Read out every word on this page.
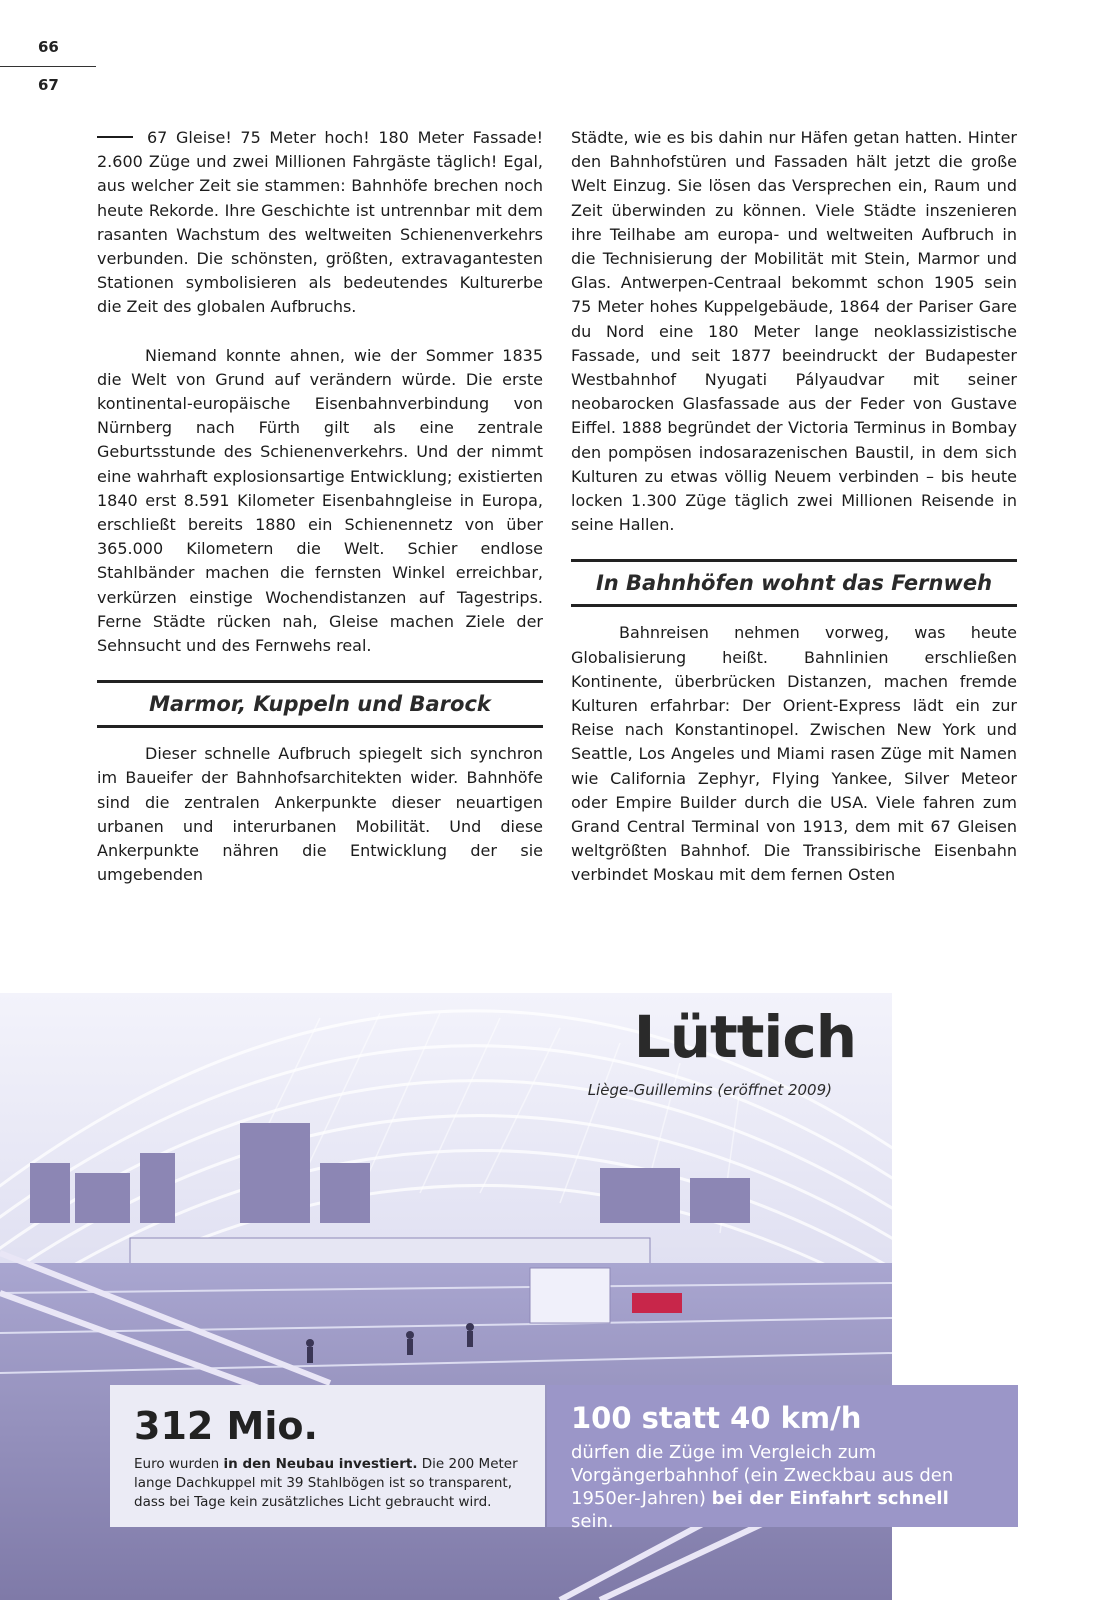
66
67

67 Gleise! 75 Meter hoch! 180 Meter Fassade! 2.600 Züge und zwei Millionen Fahrgäste täglich! Egal, aus welcher Zeit sie stammen: Bahnhöfe brechen noch heute Rekorde. Ihre Geschichte ist untrennbar mit dem rasanten Wachstum des weltweiten Schienenverkehrs verbunden. Die schönsten, größten, extravagantesten Stationen symbolisieren als bedeutendes Kulturerbe die Zeit des globalen Aufbruchs.

Niemand konnte ahnen, wie der Sommer 1835 die Welt von Grund auf verändern würde. Die erste kontinental-europäische Eisenbahnverbindung von Nürnberg nach Fürth gilt als eine zentrale Geburtsstunde des Schienenverkehrs. Und der nimmt eine wahrhaft explosionsartige Entwicklung; existierten 1840 erst 8.591 Kilometer Eisenbahngleise in Europa, erschließt bereits 1880 ein Schienennetz von über 365.000 Kilometern die Welt. Schier endlose Stahlbänder machen die fernsten Winkel erreichbar, verkürzen einstige Wochendistanzen auf Tagestrips. Ferne Städte rücken nah, Gleise machen Ziele der Sehnsucht und des Fernwehs real.

Marmor, Kuppeln und Barock

Dieser schnelle Aufbruch spiegelt sich synchron im Baueifer der Bahnhofsarchitekten wider. Bahnhöfe sind die zentralen Ankerpunkte dieser neuartigen urbanen und interurbanen Mobilität. Und diese Ankerpunkte nähren die Entwicklung der sie umgebenden

Städte, wie es bis dahin nur Häfen getan hatten. Hinter den Bahnhofstüren und Fassaden hält jetzt die große Welt Einzug. Sie lösen das Versprechen ein, Raum und Zeit überwinden zu können. Viele Städte inszenieren ihre Teilhabe am europa- und weltweiten Aufbruch in die Technisierung der Mobilität mit Stein, Marmor und Glas. Antwerpen-Centraal bekommt schon 1905 sein 75 Meter hohes Kuppelgebäude, 1864 der Pariser Gare du Nord eine 180 Meter lange neoklassizistische Fassade, und seit 1877 beeindruckt der Budapester Westbahnhof Nyugati Pályaudvar mit seiner neobarocken Glasfassade aus der Feder von Gustave Eiffel. 1888 begründet der Victoria Terminus in Bombay den pompösen indosarazenischen Baustil, in dem sich Kulturen zu etwas völlig Neuem verbinden – bis heute locken 1.300 Züge täglich zwei Millionen Reisende in seine Hallen.

In Bahnhöfen wohnt das Fernweh

Bahnreisen nehmen vorweg, was heute Globalisierung heißt. Bahnlinien erschließen Kontinente, überbrücken Distanzen, machen fremde Kulturen erfahrbar: Der Orient-Express lädt ein zur Reise nach Konstantinopel. Zwischen New York und Seattle, Los Angeles und Miami rasen Züge mit Namen wie California Zephyr, Flying Yankee, Silver Meteor oder Empire Builder durch die USA. Viele fahren zum Grand Central Terminal von 1913, dem mit 67 Gleisen weltgrößten Bahnhof. Die Transsibirische Eisenbahn verbindet Moskau mit dem fernen Osten

Lüttich
Liège-Guillemins (eröffnet 2009)
312 Mio.
Euro wurden in den Neubau investiert. Die 200 Meter lange Dachkuppel mit 39 Stahlbögen ist so transparent, dass bei Tage kein zusätzliches Licht gebraucht wird.
100 statt 40 km/h
dürfen die Züge im Vergleich zum Vorgängerbahnhof (ein Zweckbau aus den 1950er-Jahren) bei der Einfahrt schnell sein.
